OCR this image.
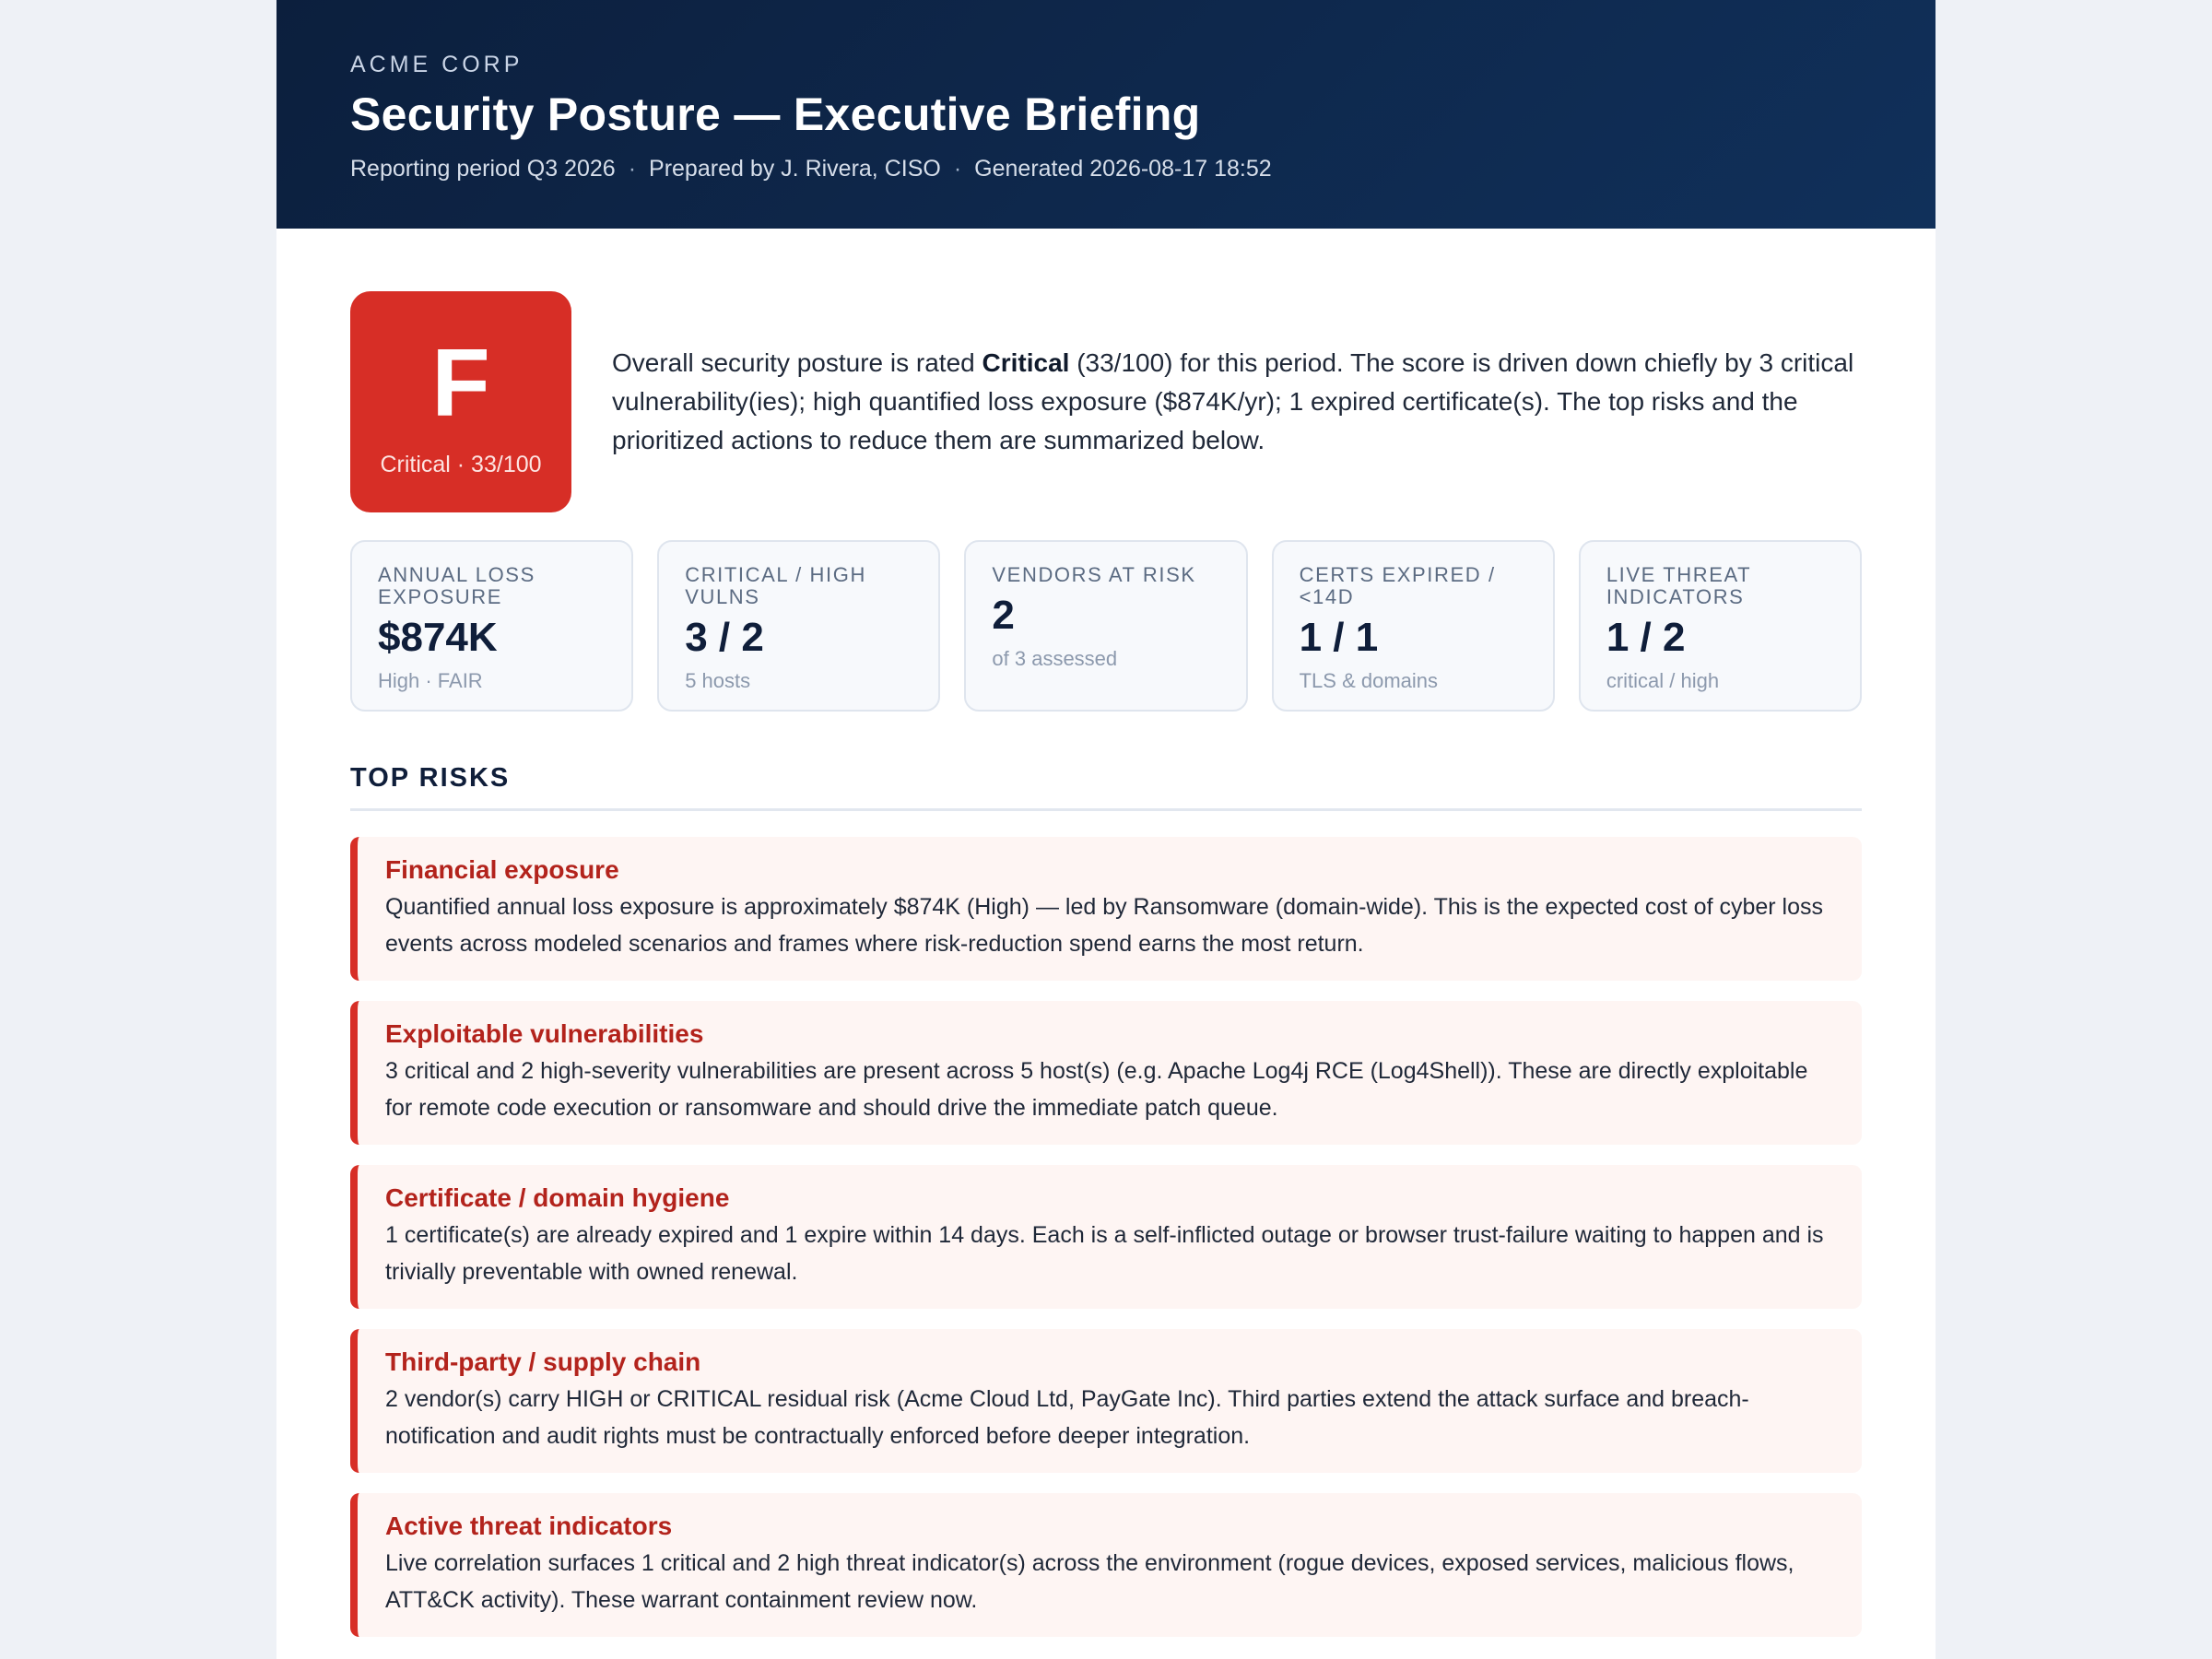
ACME CORP
Security Posture — Executive Briefing
Reporting period Q3 2026 · Prepared by J. Rivera, CISO · Generated 2026-08-17 18:52
F
Critical · 33/100

Overall security posture is rated Critical (33/100) for this period. The score is driven down chiefly by 3 critical vulnerability(ies); high quantified loss exposure ($874K/yr); 1 expired certificate(s). The top risks and the prioritized actions to reduce them are summarized below.

ANNUAL LOSS EXPOSURE
$874K
High · FAIR
CRITICAL / HIGH VULNS
3 / 2
5 hosts
VENDORS AT RISK
2
of 3 assessed
CERTS EXPIRED / <14D
1 / 1
TLS & domains
LIVE THREAT INDICATORS
1 / 2
critical / high
TOP RISKS
Financial exposure
Quantified annual loss exposure is approximately $874K (High) — led by Ransomware (domain-wide). This is the expected cost of cyber loss events across modeled scenarios and frames where risk-reduction spend earns the most return.
Exploitable vulnerabilities
3 critical and 2 high-severity vulnerabilities are present across 5 host(s) (e.g. Apache Log4j RCE (Log4Shell)). These are directly exploitable for remote code execution or ransomware and should drive the immediate patch queue.
Certificate / domain hygiene
1 certificate(s) are already expired and 1 expire within 14 days. Each is a self-inflicted outage or browser trust-failure waiting to happen and is trivially preventable with owned renewal.
Third-party / supply chain
2 vendor(s) carry HIGH or CRITICAL residual risk (Acme Cloud Ltd, PayGate Inc). Third parties extend the attack surface and breach-notification and audit rights must be contractually enforced before deeper integration.
Active threat indicators
Live correlation surfaces 1 critical and 2 high threat indicator(s) across the environment (rogue devices, exposed services, malicious flows, ATT&CK activity). These warrant containment review now.
